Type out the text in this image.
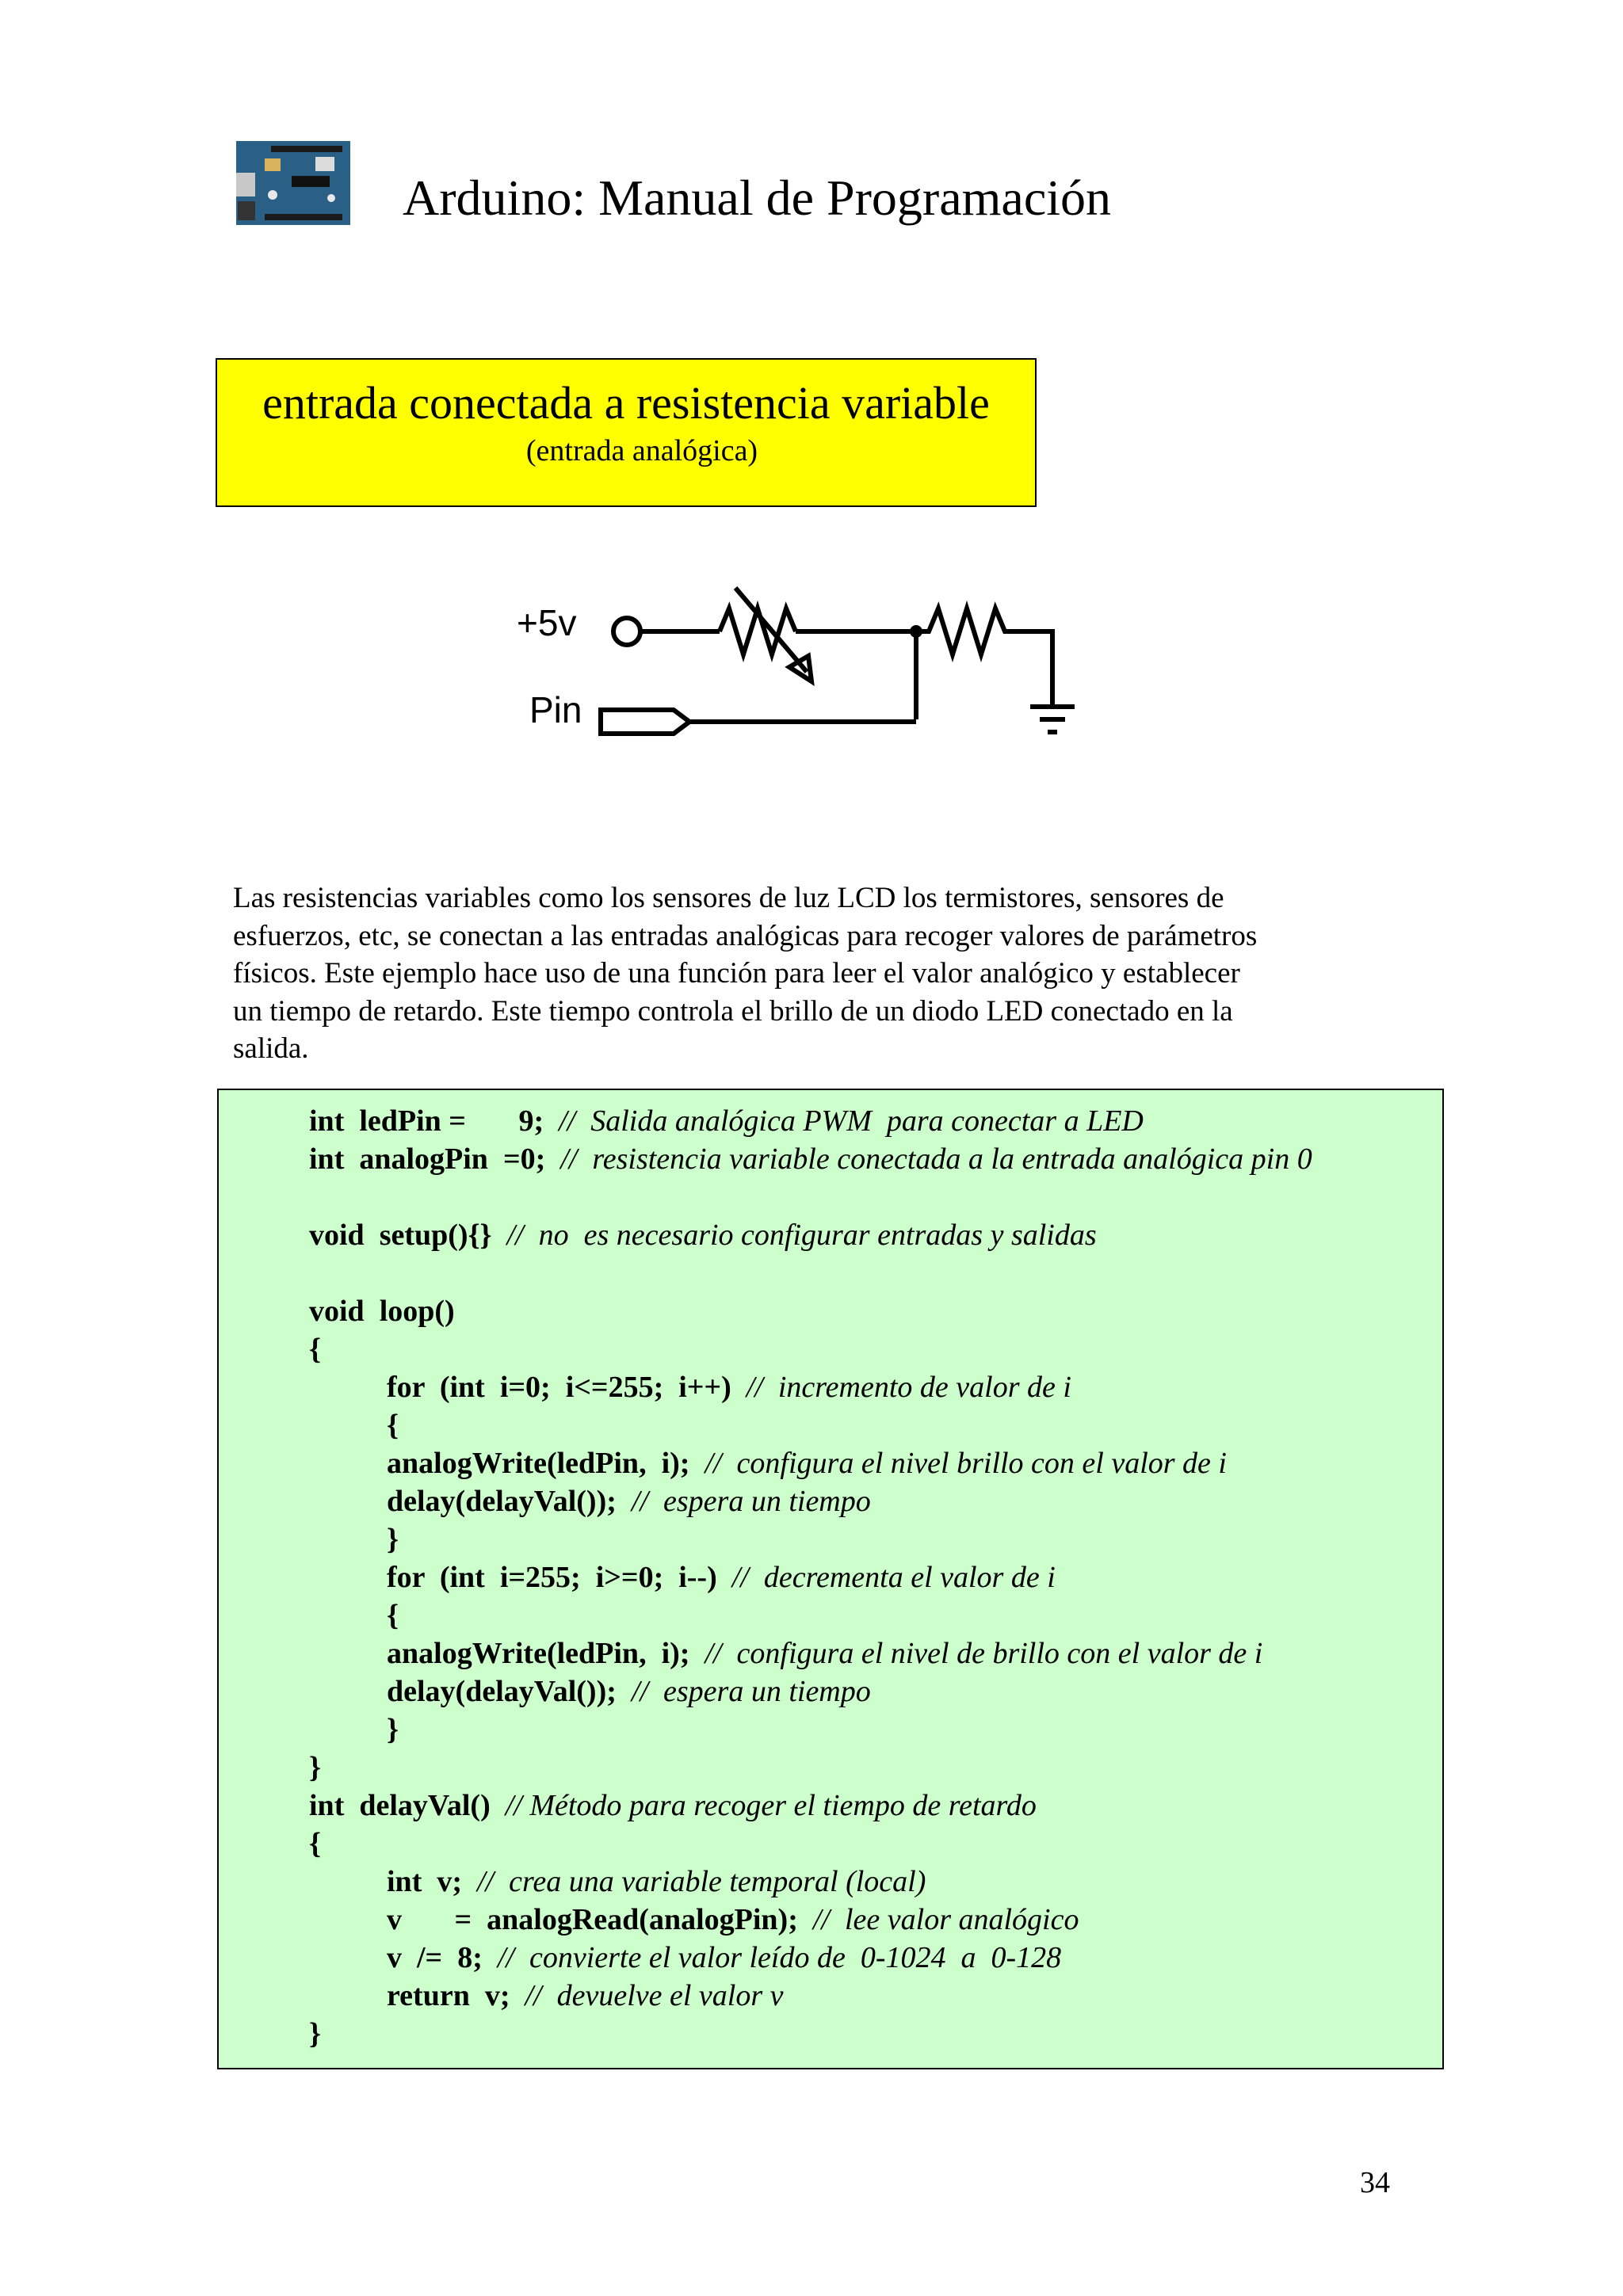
Arduino: Manual de Programación
entrada conectada a resistencia variable
(entrada analógica)
+5v
Pin
Las resistencias variables como los sensores de luz LCD los termistores, sensores de
esfuerzos, etc, se conectan a las entradas analógicas para recoger valores de parámetros
físicos. Este ejemplo hace uso de una función para leer el valor analógico y establecer
un tiempo de retardo. Este tiempo controla el brillo de un diodo LED conectado en la
salida.
int  ledPin =       9; //  Salida analógica PWM  para conectar a LED
int  analogPin  =0; //  resistencia variable conectada a la entrada analógica pin 0
void  setup(){} //  no  es necesario configurar entradas y salidas
void  loop()
{
for  (int  i=0;  i<=255;  i++) //  incremento de valor de i
{
analogWrite(ledPin,  i); //  configura el nivel brillo con el valor de i
delay(delayVal()); //  espera un tiempo
}
for  (int  i=255;  i>=0;  i--) //  decrementa el valor de i
{
analogWrite(ledPin,  i); //  configura el nivel de brillo con el valor de i
delay(delayVal()); //  espera un tiempo
}
}
int  delayVal() // Método para recoger el tiempo de retardo
{
int  v; //  crea una variable temporal (local)
v       =  analogRead(analogPin); //  lee valor analógico
v  /=  8; //  convierte el valor leído de  0-1024  a  0-128
return  v; //  devuelve el valor v
}
34
